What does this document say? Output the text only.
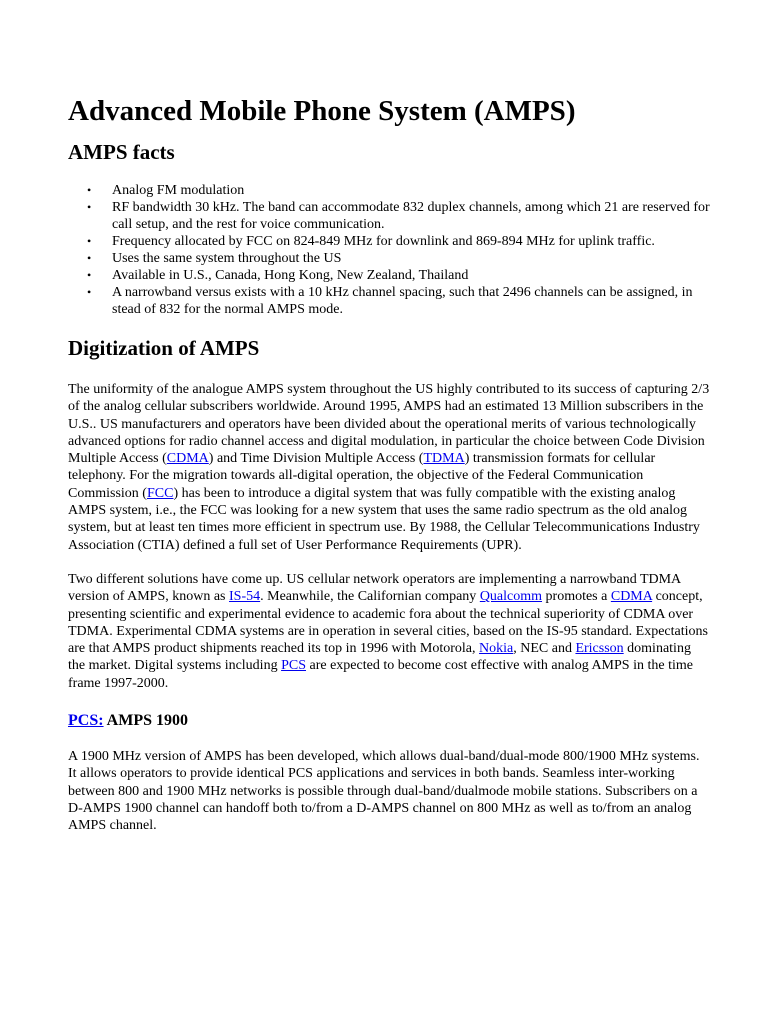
Advanced Mobile Phone System (AMPS)
AMPS facts
• Analog FM modulation
• RF bandwidth 30 kHz. The band can accommodate 832 duplex channels, among which 21 are reserved for call setup, and the rest for voice communication.
• Frequency allocated by FCC on 824-849 MHz for downlink and 869-894 MHz for uplink traffic.
• Uses the same system throughout the US
• Available in U.S., Canada, Hong Kong, New Zealand, Thailand
• A narrowband versus exists with a 10 kHz channel spacing, such that 2496 channels can be assigned, in stead of 832 for the normal AMPS mode.
Digitization of AMPS

The uniformity of the analogue AMPS system throughout the US highly contributed to its success of capturing 2/3 of the analog cellular subscribers worldwide. Around 1995, AMPS had an estimated 13 Million subscribers in the U.S.. US manufacturers and operators have been divided about the operational merits of various technologically advanced options for radio channel access and digital modulation, in particular the choice between Code Division Multiple Access (CDMA) and Time Division Multiple Access (TDMA) transmission formats for cellular telephony. For the migration towards all-digital operation, the objective of the Federal Communication Commission (FCC) has been to introduce a digital system that was fully compatible with the existing analog AMPS system, i.e., the FCC was looking for a new system that uses the same radio spectrum as the old analog system, but at least ten times more efficient in spectrum use. By 1988, the Cellular Telecommunications Industry Association (CTIA) defined a full set of User Performance Requirements (UPR).

Two different solutions have come up. US cellular network operators are implementing a narrowband TDMA version of AMPS, known as IS-54. Meanwhile, the Californian company Qualcomm promotes a CDMA concept, presenting scientific and experimental evidence to academic fora about the technical superiority of CDMA over TDMA. Experimental CDMA systems are in operation in several cities, based on the IS-95 standard. Expectations are that AMPS product shipments reached its top in 1996 with Motorola, Nokia, NEC and Ericsson dominating the market. Digital systems including PCS are expected to become cost effective with analog AMPS in the time frame 1997-2000.

PCS: AMPS 1900

A 1900 MHz version of AMPS has been developed, which allows dual-band/dual-mode 800/1900 MHz systems. It allows operators to provide identical PCS applications and services in both bands. Seamless inter-working between 800 and 1900 MHz networks is possible through dual-band/dualmode mobile stations. Subscribers on a D-AMPS 1900 channel can handoff both to/from a D-AMPS channel on 800 MHz as well as to/from an analog AMPS channel.
